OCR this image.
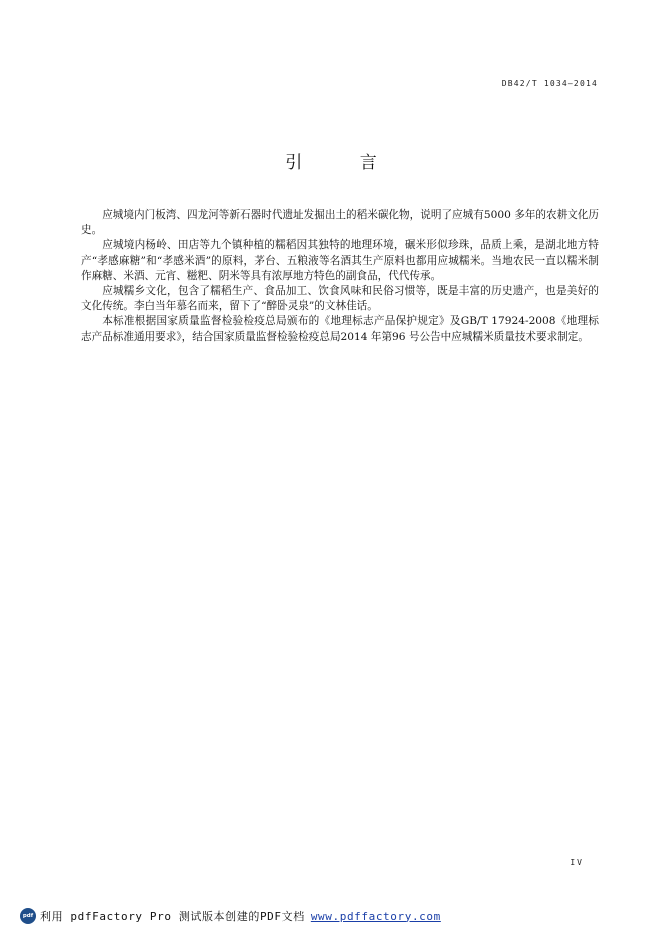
DB42/T 1034—2014
引 言

应城境内门板湾、四龙河等新石器时代遗址发掘出土的稻米碳化物，说明了应城有5000 多年的农耕文化历史。

应城境内杨岭、田店等九个镇种植的糯稻因其独特的地理环境，碾米形似珍珠，品质上乘，是湖北地方特产“孝感麻糖”和“孝感米酒”的原料，茅台、五粮液等名酒其生产原料也都用应城糯米。当地农民一直以糯米制作麻糖、米酒、元宵、糍粑、阴米等具有浓厚地方特色的副食品，代代传承。

应城糯乡文化，包含了糯稻生产、食品加工、饮食风味和民俗习惯等，既是丰富的历史遗产，也是美好的文化传统。李白当年慕名而来，留下了“醉卧灵泉”的文林佳话。

本标准根据国家质量监督检验检疫总局颁布的《地理标志产品保护规定》及GB/T 17924-2008《地理标志产品标准通用要求》，结合国家质量监督检验检疫总局2014 年第96 号公告中应城糯米质量技术要求制定。

IV
pdf 利用 pdfFactory Pro 测试版本创建的PDF文档 www.pdffactory.com
